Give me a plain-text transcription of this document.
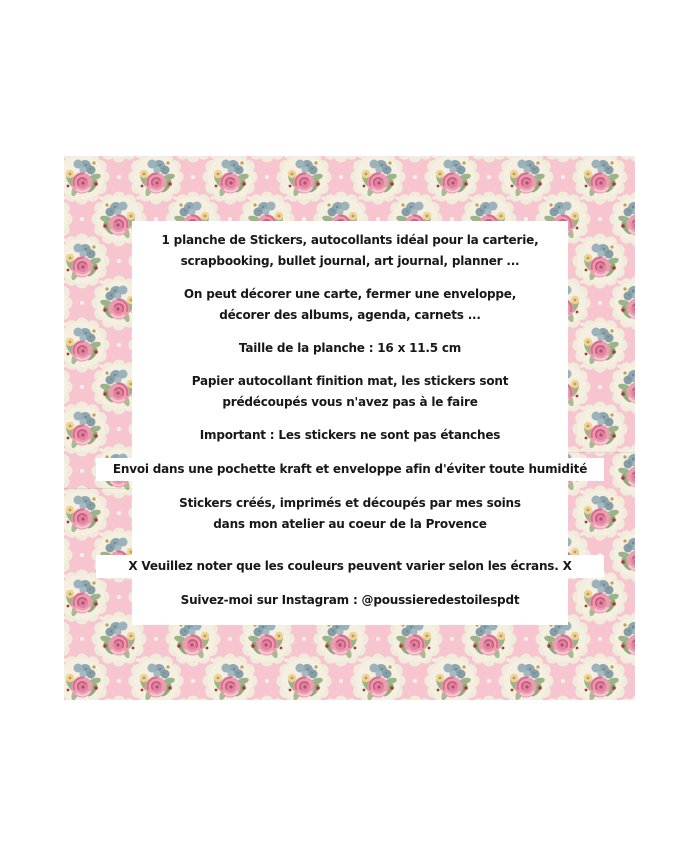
1 planche de Stickers, autocollants idéal pour la carterie,
scrapbooking, bullet journal, art journal, planner ...

On peut décorer une carte, fermer une enveloppe,
décorer des albums, agenda, carnets ...

Taille de la planche : 16 x 11.5 cm

Papier autocollant finition mat, les stickers sont
prédécoupés vous n'avez pas à le faire

Important : Les stickers ne sont pas étanches

Envoi dans une pochette kraft et enveloppe afin d'éviter toute humidité

Stickers créés, imprimés et découpés par mes soins
dans mon atelier au coeur de la Provence

X Veuillez noter que les couleurs peuvent varier selon les écrans. X

Suivez-moi sur Instagram : @poussieredestoilespdt
